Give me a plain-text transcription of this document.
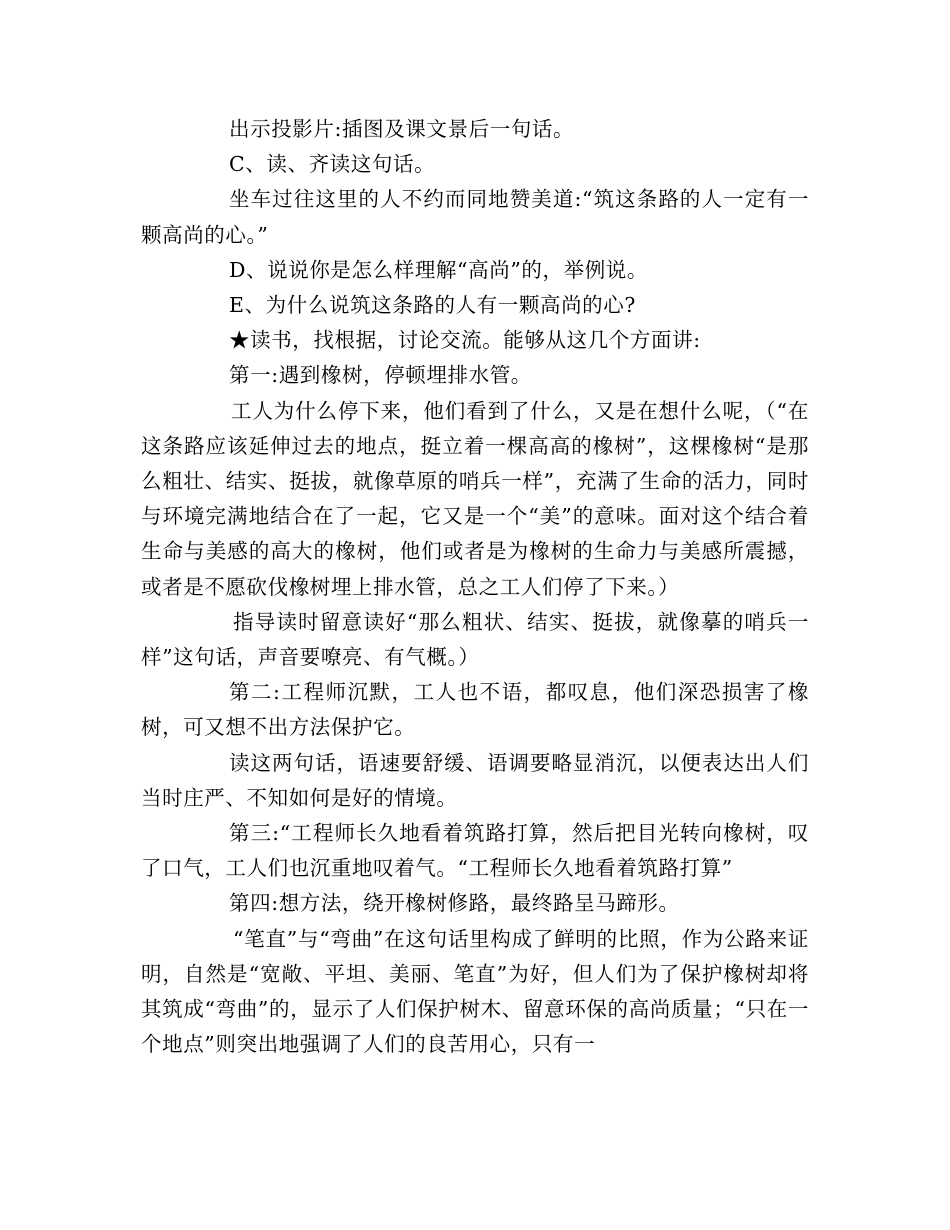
出示投影片:插图及课文景后一句话。

C、读、齐读这句话。

坐车过往这里的人不约而同地赞美道:“筑这条路的人一定有一颗高尚的心。”

D、说说你是怎么样理解“高尚”的，举例说。

E、为什么说筑这条路的人有一颗高尚的心?

★读书，找根据，讨论交流。能够从这几个方面讲:

第一:遇到橡树，停顿埋排水管。

工人为什么停下来，他们看到了什么，又是在想什么呢，（“在这条路应该延伸过去的地点，挺立着一棵高高的橡树”，这棵橡树“是那么粗壮、结实、挺拔，就像草原的哨兵一样”，充满了生命的活力，同时与环境完满地结合在了一起，它又是一个“美”的意味。面对这个结合着生命与美感的高大的橡树，他们或者是为橡树的生命力与美感所震撼，或者是不愿砍伐橡树埋上排水管，总之工人们停了下来。）

指导读时留意读好“那么粗状、结实、挺拔，就像摹的哨兵一样”这句话，声音要嘹亮、有气概。）

第二:工程师沉默，工人也不语，都叹息，他们深恐损害了橡树，可又想不出方法保护它。

读这两句话，语速要舒缓、语调要略显消沉，以便表达出人们当时庄严、不知如何是好的情境。

第三:“工程师长久地看着筑路打算，然后把目光转向橡树，叹了口气，工人们也沉重地叹着气。“工程师长久地看着筑路打算”

第四:想方法，绕开橡树修路，最终路呈马蹄形。

“笔直”与“弯曲”在这句话里构成了鲜明的比照，作为公路来证明，自然是“宽敞、平坦、美丽、笔直”为好，但人们为了保护橡树却将其筑成“弯曲”的，显示了人们保护树木、留意环保的高尚质量；“只在一个地点”则突出地强调了人们的良苦用心，只有一
